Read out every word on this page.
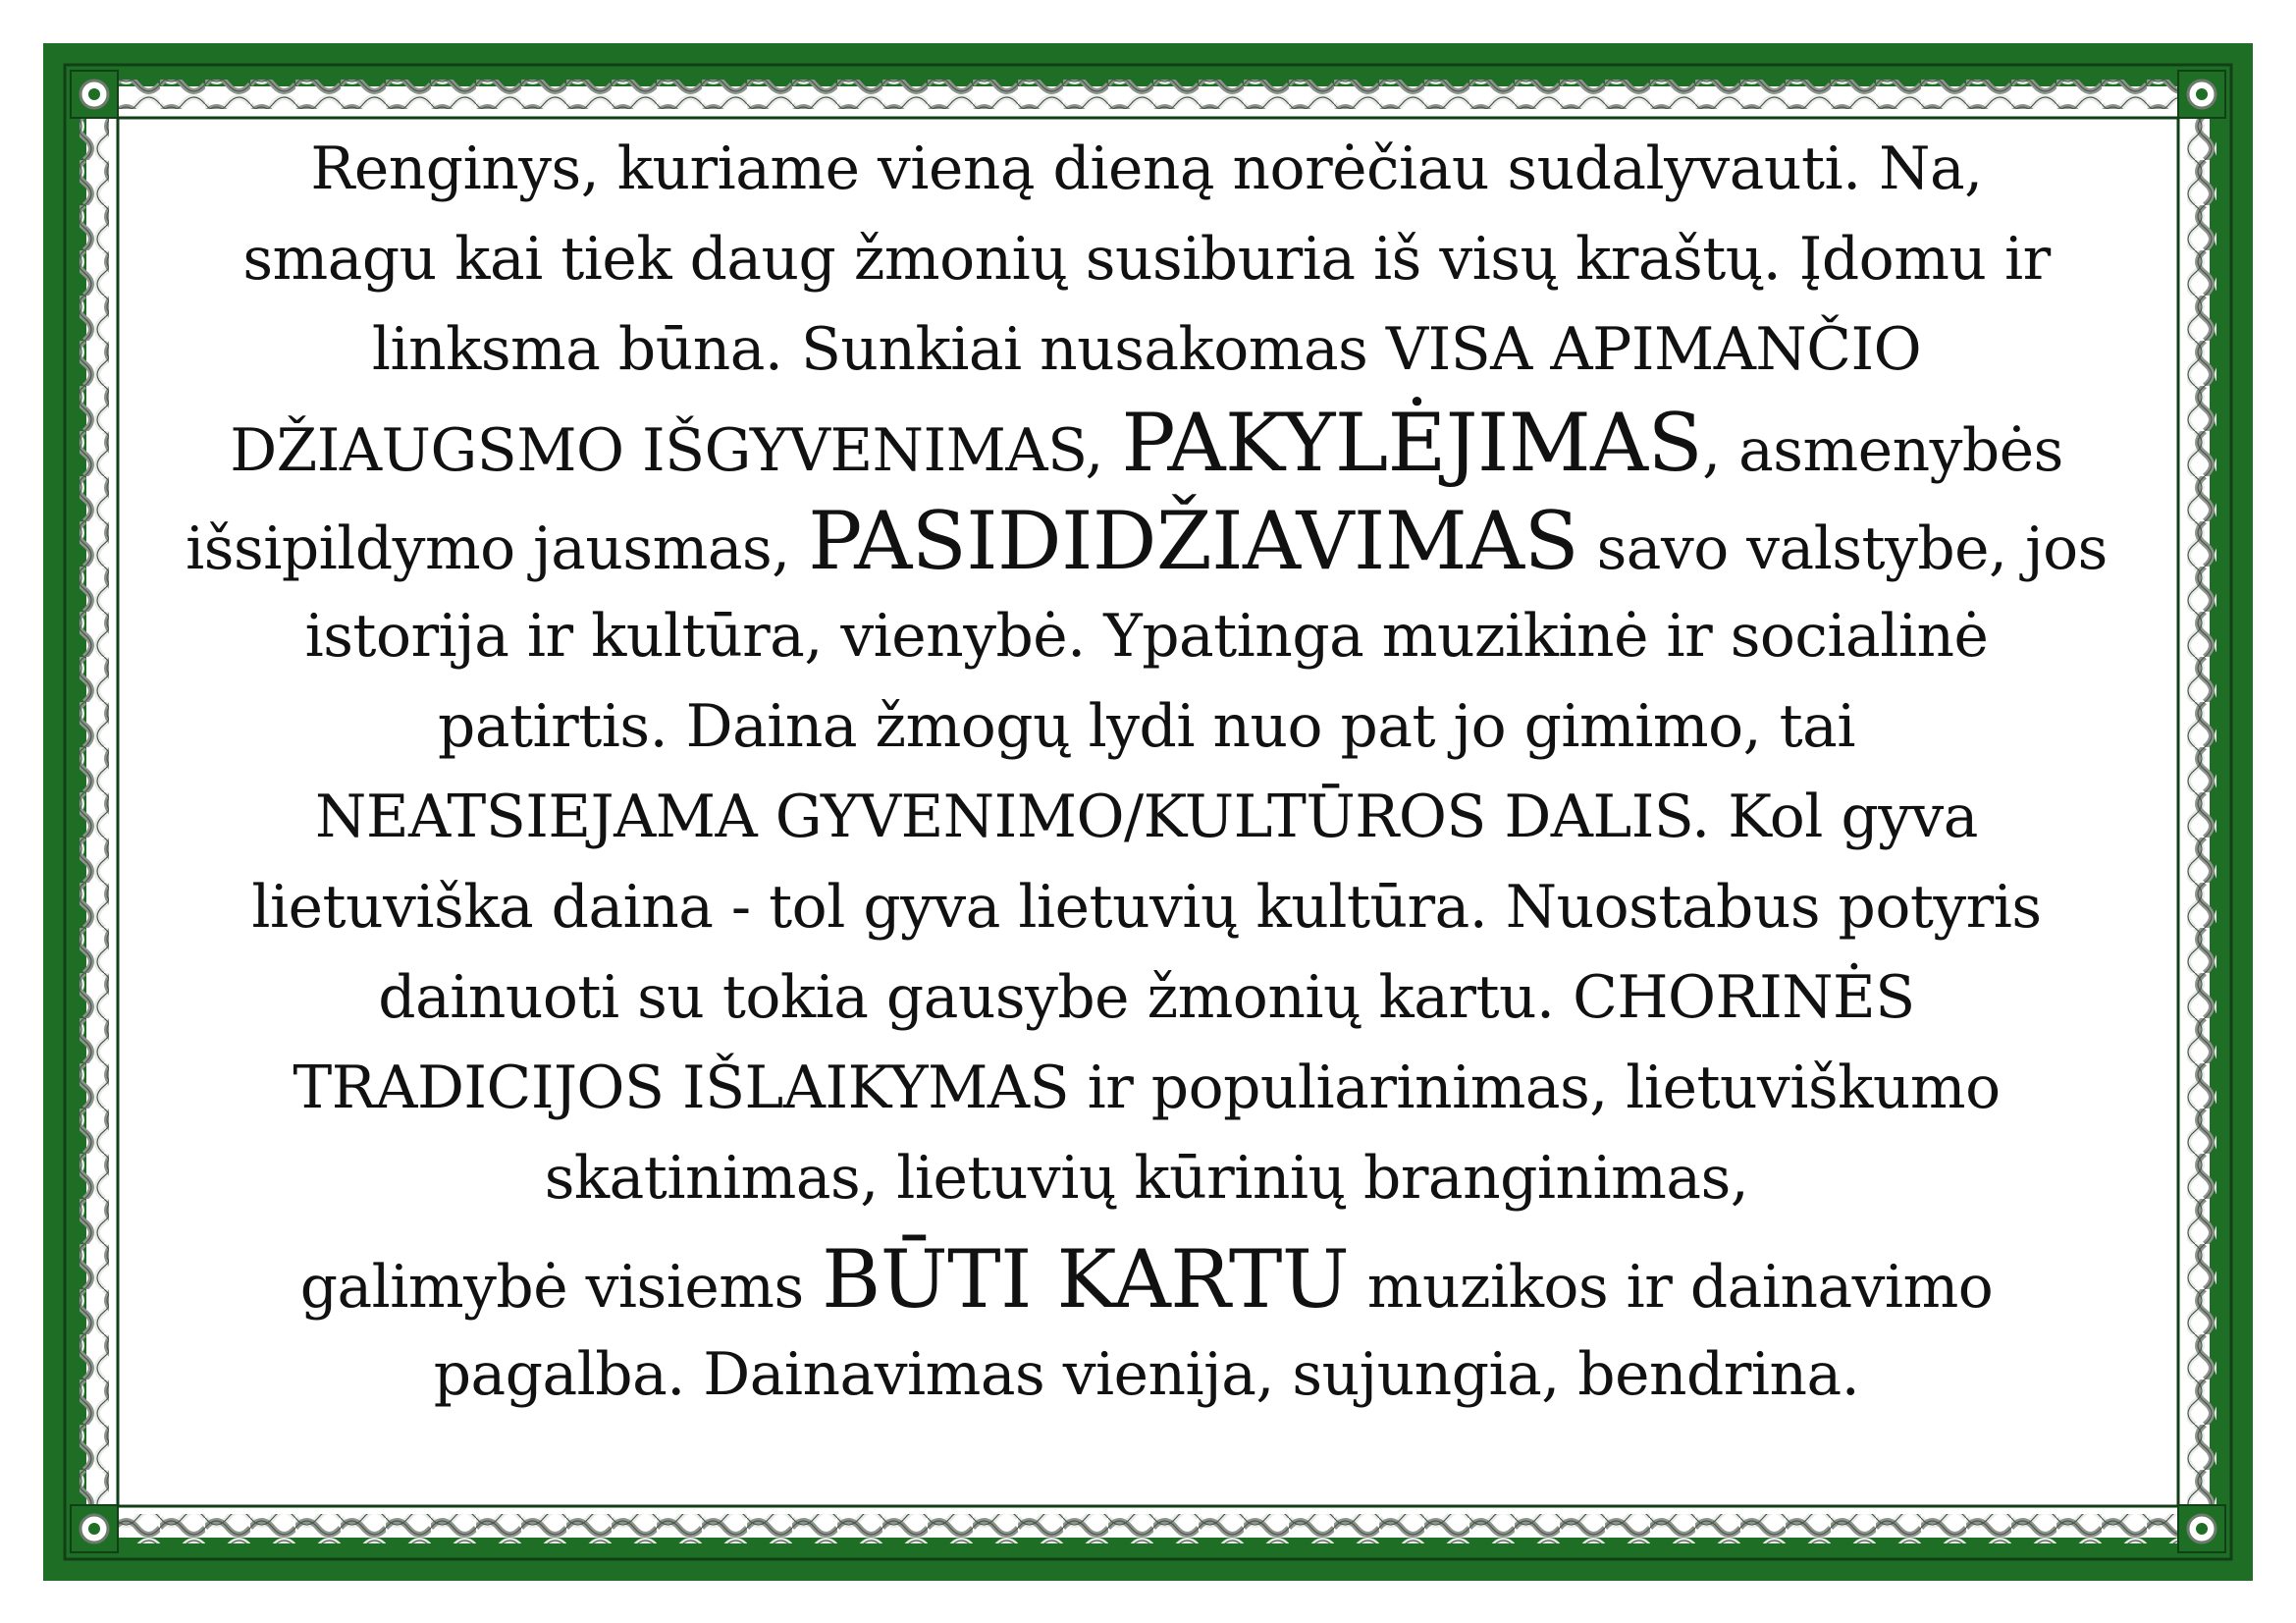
Renginys, kuriame vieną dieną norėčiau sudalyvauti. Na,
smagu kai tiek daug žmonių susiburia iš visų kraštų. Įdomu ir
linksma būna. Sunkiai nusakomas VISA APIMANČIO
DŽIAUGSMO IŠGYVENIMAS, PAKYLĖJIMAS, asmenybės
išsipildymo jausmas, PASIDIDŽIAVIMAS savo valstybe, jos
istorija ir kultūra, vienybė. Ypatinga muzikinė ir socialinė
patirtis. Daina žmogų lydi nuo pat jo gimimo, tai
NEATSIEJAMA GYVENIMO/KULTŪROS DALIS. Kol gyva
lietuviška daina - tol gyva lietuvių kultūra. Nuostabus potyris
dainuoti su tokia gausybe žmonių kartu. CHORINĖS
TRADICIJOS IŠLAIKYMAS ir populiarinimas, lietuviškumo
skatinimas, lietuvių kūrinių branginimas,
galimybė visiems BŪTI KARTU muzikos ir dainavimo
pagalba. Dainavimas vienija, sujungia, bendrina.
